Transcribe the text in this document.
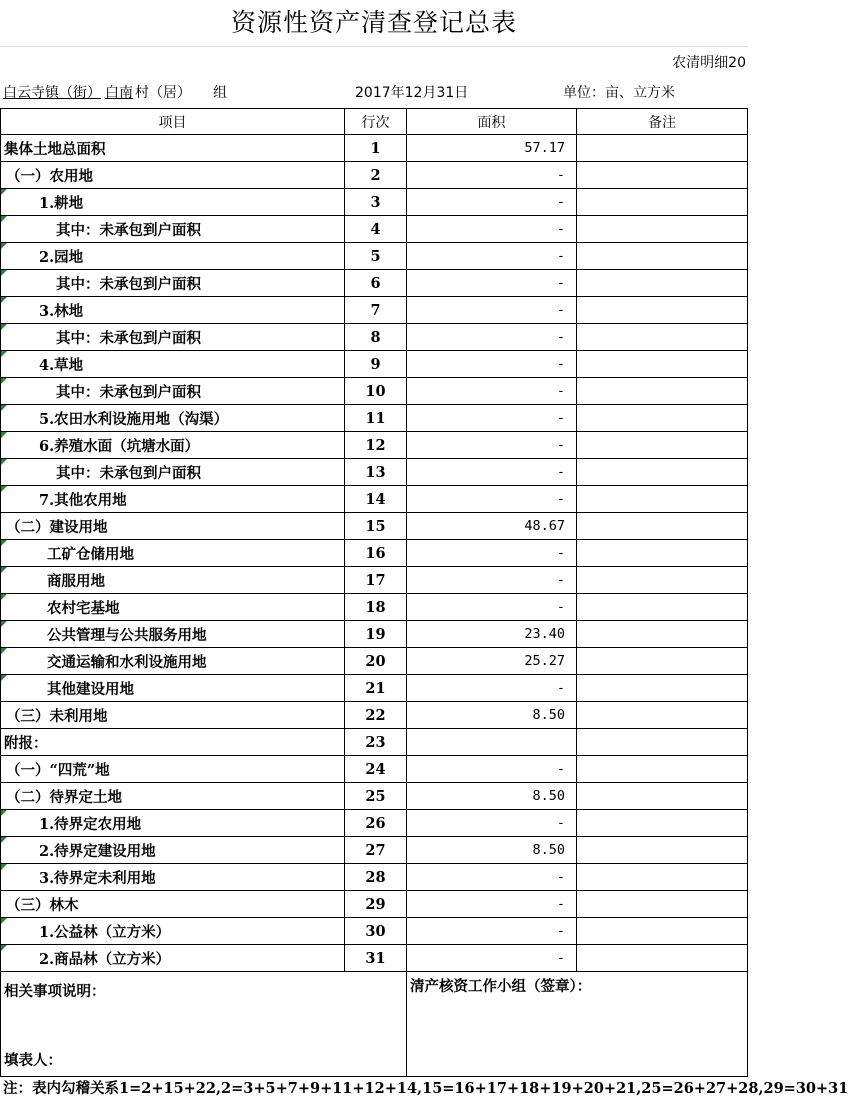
资源性资产清查登记总表
农清明细20
白云寺镇（街） 白南 村（居） 组	2017年12月31日	单位：亩、立方米
项目	行次	面积	备注
集体土地总面积	1	57.17	
（一）农用地	2	-	

1.耕地	3	-	

其中：未承包到户面积	4	-	

2.园地	5	-	

其中：未承包到户面积	6	-	

3.林地	7	-	

其中：未承包到户面积	8	-	

4.草地	9	-	

其中：未承包到户面积	10	-	

5.农田水利设施用地（沟渠）	11	-	

6.养殖水面（坑塘水面）	12	-	

其中：未承包到户面积	13	-	

7.其他农用地	14	-	
（二）建设用地	15	48.67	

工矿仓储用地	16	-	

商服用地	17	-	

农村宅基地	18	-	

公共管理与公共服务用地	19	23.40	

交通运输和水利设施用地	20	25.27	

其他建设用地	21	-	
（三）未利用地	22	8.50	
附报：	23		
（一）“四荒”地	24	-	
（二）待界定土地	25	8.50	

1.待界定农用地	26	-	

2.待界定建设用地	27	8.50	

3.待界定未利用地	28	-	
（三）林木	29	-	

1.公益林（立方米）	30	-	

2.商品林（立方米）	31	-	

相关事项说明：
填表人：		清产核资工作小组（签章）：	
注：表内勾稽关系1=2+15+22,2=3+5+7+9+11+12+14,15=16+17+18+19+20+21,25=26+27+28,29=30+31
